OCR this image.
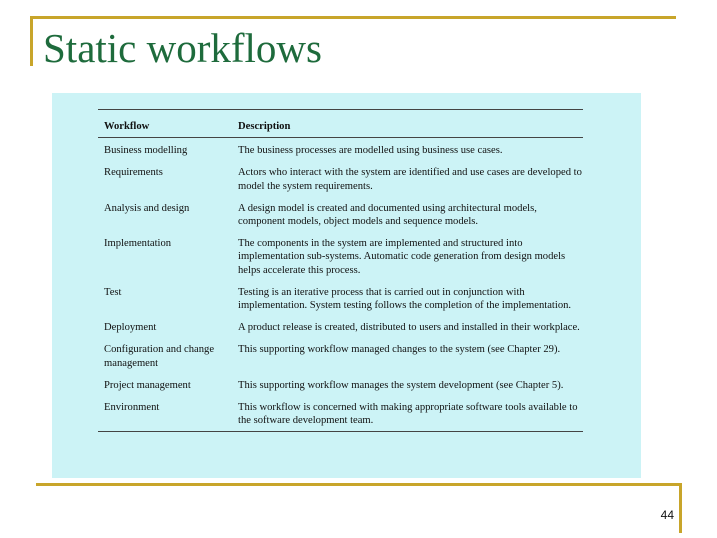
Static workflows
Workflow	Description
Business modelling	The business processes are modelled using business use cases.
Requirements	Actors who interact with the system are identified and use cases are developed to model the system requirements.
Analysis and design	A design model is created and documented using architectural models, component models, object models and sequence models.
Implementation	The components in the system are implemented and structured into implementation sub-systems. Automatic code generation from design models helps accelerate this process.
Test	Testing is an iterative process that is carried out in conjunction with implementation. System testing follows the completion of the implementation.
Deployment	A product release is created, distributed to users and installed in their workplace.
Configuration and change management	This supporting workflow managed changes to the system (see Chapter 29).
Project management	This supporting workflow manages the system development (see Chapter 5).
Environment	This workflow is concerned with making appropriate software tools available to the software development team.
44
